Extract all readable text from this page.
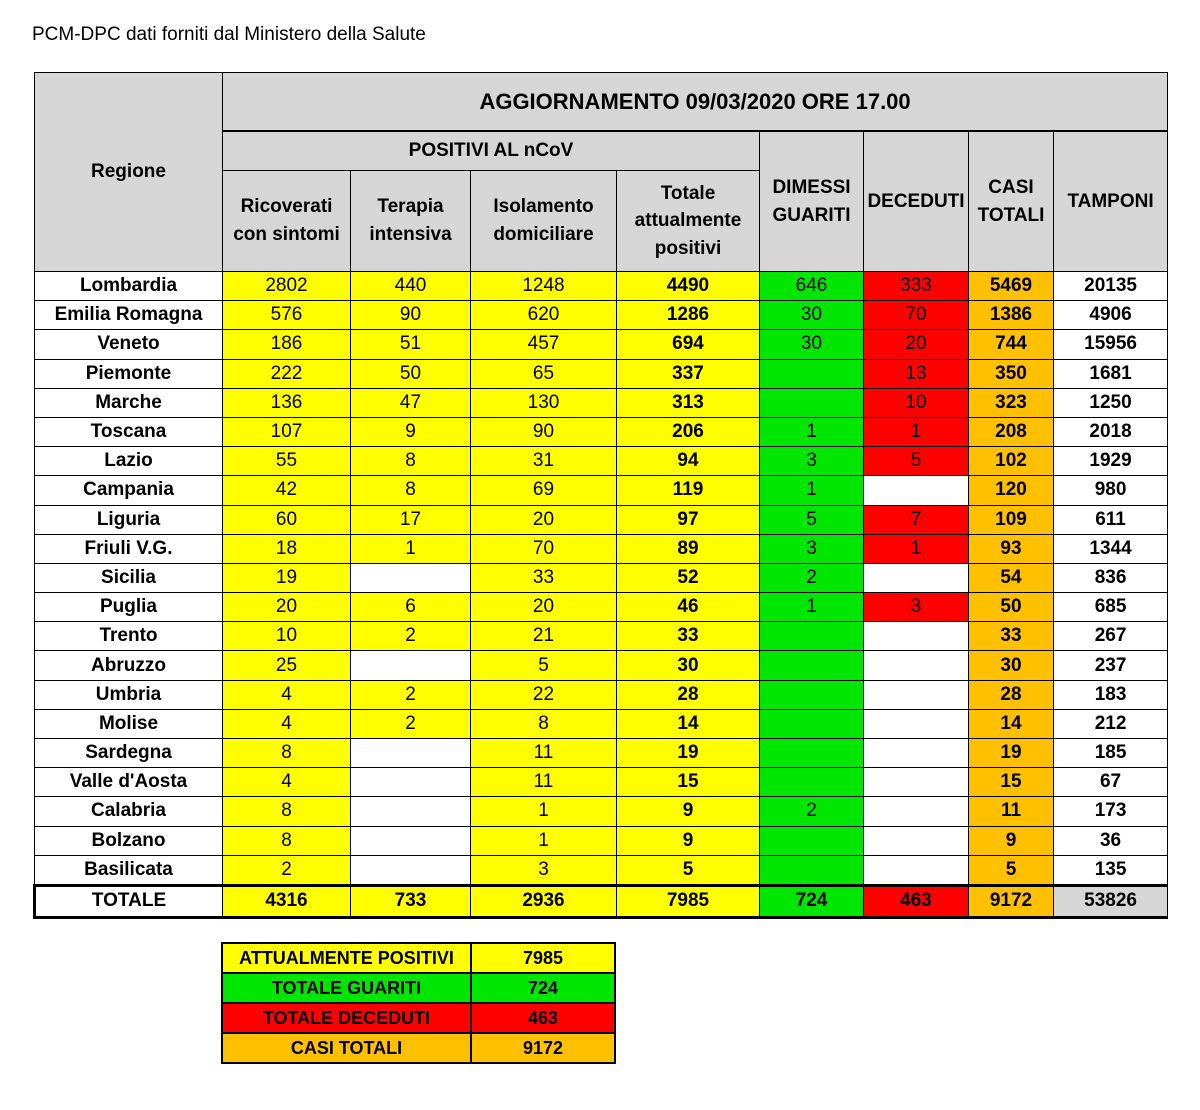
PCM-DPC dati forniti dal Ministero della Salute
Regione	AGGIORNAMENTO 09/03/2020 ORE 17.00							
	POSITIVI AL nCoV				DIMESSI GUARITI	DECEDUTI	CASI TOTALI	TAMPONI
	Ricoverati con sintomi	Terapia intensiva	Isolamento domiciliare	Totale attualmente positivi				
Lombardia	2802	440	1248	4490	646	333	5469	20135
Emilia Romagna	576	90	620	1286	30	70	1386	4906
Veneto	186	51	457	694	30	20	744	15956
Piemonte	222	50	65	337		13	350	1681
Marche	136	47	130	313		10	323	1250
Toscana	107	9	90	206	1	1	208	2018
Lazio	55	8	31	94	3	5	102	1929
Campania	42	8	69	119	1		120	980
Liguria	60	17	20	97	5	7	109	611
Friuli V.G.	18	1	70	89	3	1	93	1344
Sicilia	19		33	52	2		54	836
Puglia	20	6	20	46	1	3	50	685
Trento	10	2	21	33			33	267
Abruzzo	25		5	30			30	237
Umbria	4	2	22	28			28	183
Molise	4	2	8	14			14	212
Sardegna	8		11	19			19	185
Valle d'Aosta	4		11	15			15	67
Calabria	8		1	9	2		11	173
Bolzano	8		1	9			9	36
Basilicata	2		3	5			5	135
TOTALE	4316	733	2936	7985	724	463	9172	53826
ATTUALMENTE POSITIVI	7985
TOTALE GUARITI	724
TOTALE DECEDUTI	463
CASI TOTALI	9172
